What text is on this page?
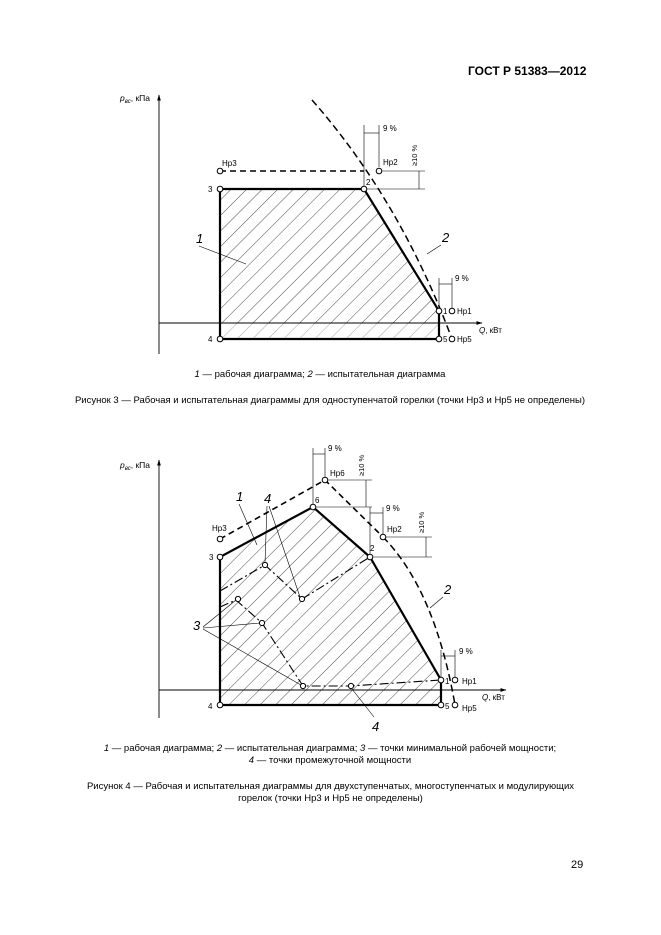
ГОСТ Р 51383—2012
$p_{вс}$, кПа
Q, кВт
9 %
≥10 %
9 %
Hp3
3
4
2
Hp2
1 Hp1
5 Hp5
1	2
$p_{вс}$, кПа
Q, кВт
9 %
≥10 %
9 %
≥10 %
9 %
Hp3
3
4
6
Hp6
2
Hp2
1 Hp1
5 Hp5
1 4
2
3
4
1 — рабочая диаграмма; 2 — испытательная диаграмма
Рисунок 3 — Рабочая и испытательная диаграммы для одноступенчатой горелки (точки Hp3 и Hp5 не определены)
1 — рабочая диаграмма; 2 — испытательная диаграмма; 3 — точки минимальной рабочей мощности;
4 — точки промежуточной мощности
Рисунок 4 — Рабочая и испытательная диаграммы для двухступенчатых, многоступенчатых и модулирующих
горелок (точки Hp3 и Hp5 не определены)
29
